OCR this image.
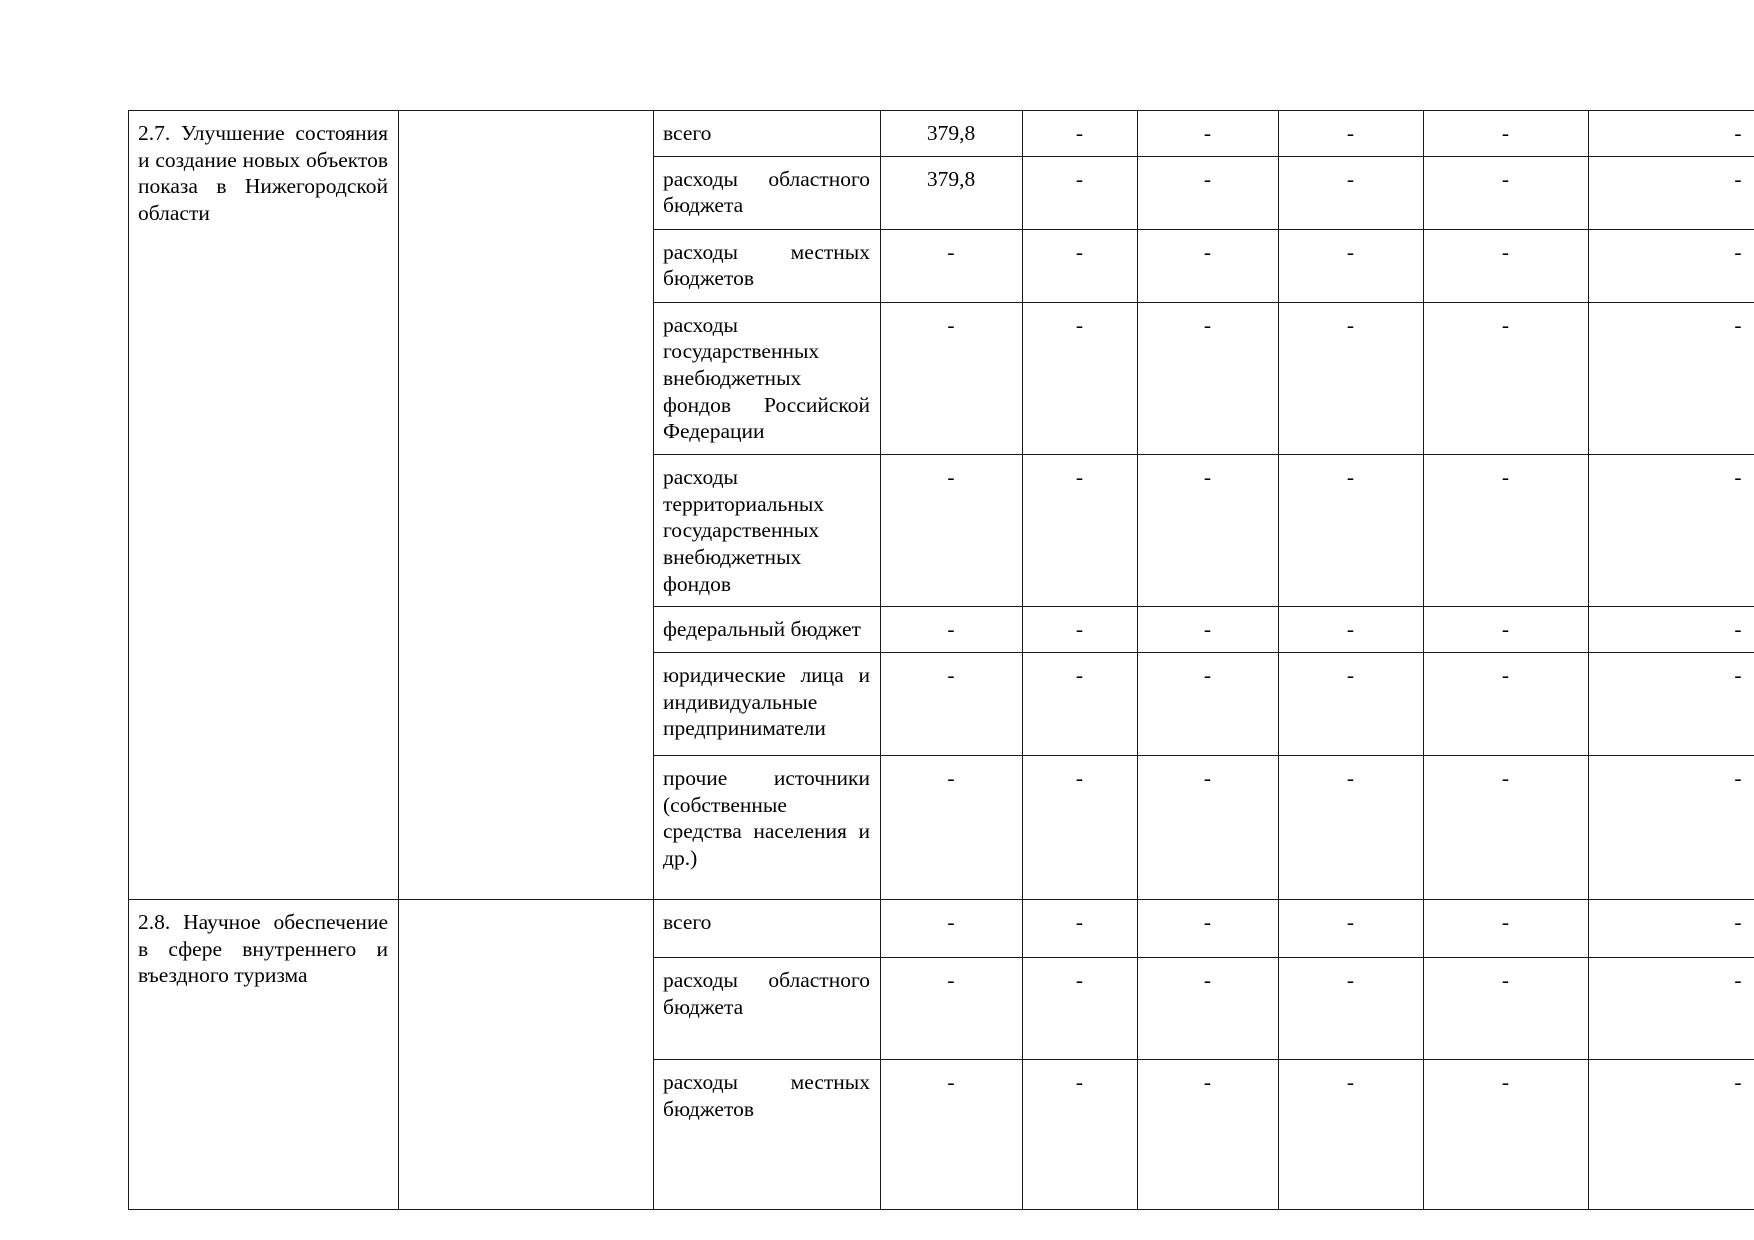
2.7. Улучшение состояния и создание новых объектов показа в Нижегородской области		всего	379,8	-	-	-	-	-
		расходы областного бюджета	379,8	-	-	-	-	-
		расходы местных бюджетов	-	-	-	-	-	-
		расходы государственных внебюджетных фондов Российской Федерации	-	-	-	-	-	-
		расходы территориальных государственных внебюджетных фондов	-	-	-	-	-	-
		федеральный бюджет	-	-	-	-	-	-
		юридические лица и индивидуальные предприниматели	-	-	-	-	-	-
		прочие источники (собственные средства населения и др.)	-	-	-	-	-	-
2.8. Научное обеспечение в сфере внутреннего и въездного туризма		всего	-	-	-	-	-	-
		расходы областного бюджета	-	-	-	-	-	-
		расходы местных бюджетов	-	-	-	-	-	-
